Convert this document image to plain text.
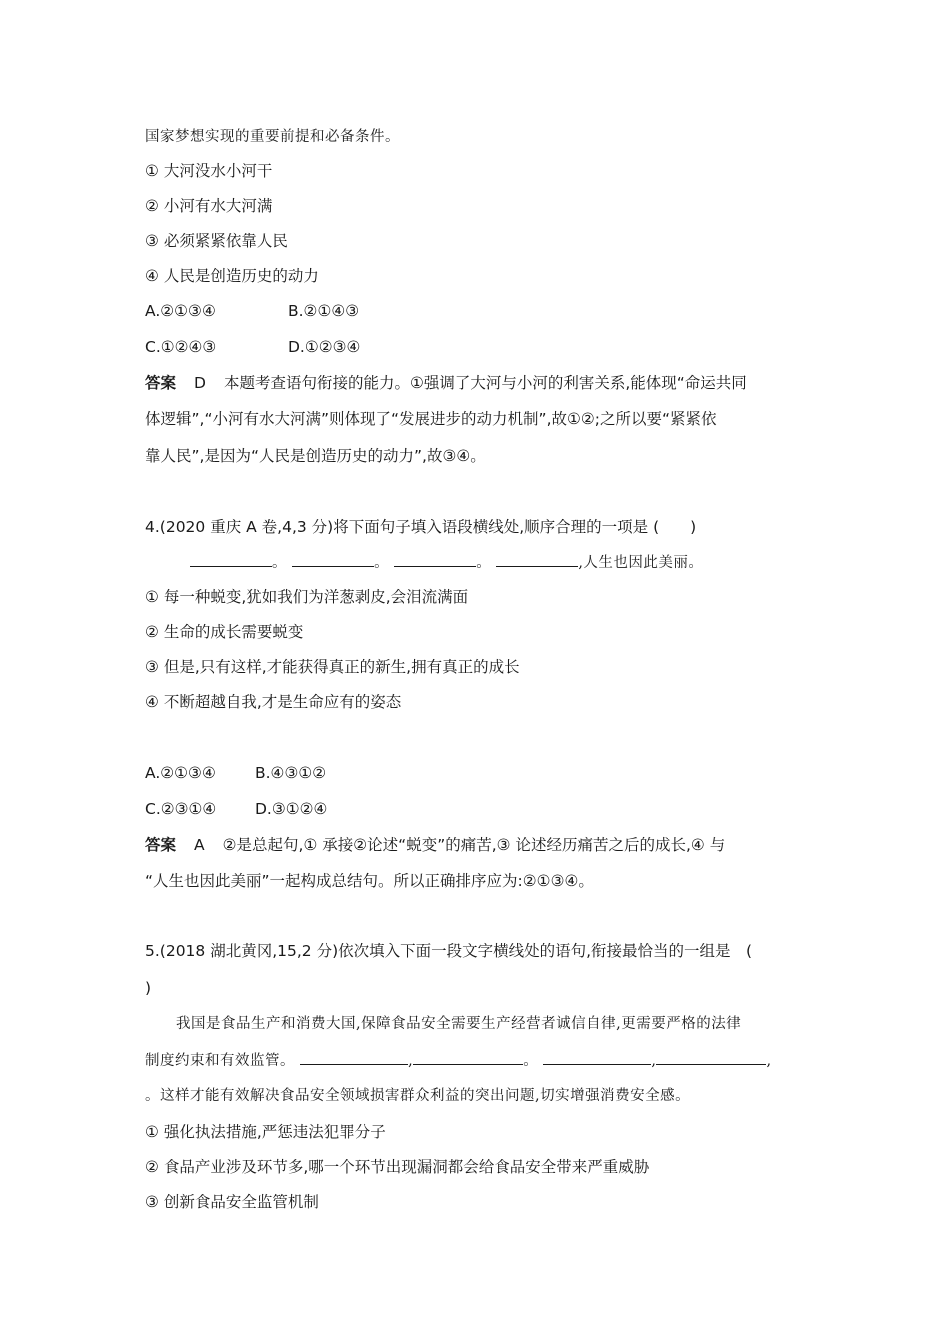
国家梦想实现的重要前提和必备条件。
① 大河没水小河干
② 小河有水大河满
③ 必须紧紧依靠人民
④ 人民是创造历史的动力
A.②①③④	B.②①④③
C.①②④③	D.①②③④
答案 D 本题考查语句衔接的能力。①强调了大河与小河的利害关系,能体现“命运共同
体逻辑”,“小河有水大河满”则体现了“发展进步的动力机制”,故①②;之所以要“紧紧依
靠人民”,是因为“人民是创造历史的动力”,故③④。
4.(2020 重庆 A 卷,4,3 分)将下面句子填入语段横线处,顺序合理的一项是 (　　)
。	。	。	,人生也因此美丽。
① 每一种蜕变,犹如我们为洋葱剥皮,会泪流满面
② 生命的成长需要蜕变
③ 但是,只有这样,才能获得真正的新生,拥有真正的成长
④ 不断超越自我,才是生命应有的姿态
A.②①③④	B.④③①②
C.②③①④ D.③①②④
答案 A ②是总起句,① 承接②论述“蜕变”的痛苦,③ 论述经历痛苦之后的成长,④ 与
“人生也因此美丽”一起构成总结句。所以正确排序应为:②①③④。
5.(2018 湖北黄冈,15,2 分)依次填入下面一段文字横线处的语句,衔接最恰当的一组是　(
)
我国是食品生产和消费大国,保障食品安全需要生产经营者诚信自律,更需要严格的法律
制度约束和有效监管。	,	。	,	,
。这样才能有效解决食品安全领域损害群众利益的突出问题,切实增强消费安全感。
① 强化执法措施,严惩违法犯罪分子
② 食品产业涉及环节多,哪一个环节出现漏洞都会给食品安全带来严重威胁
③ 创新食品安全监管机制
